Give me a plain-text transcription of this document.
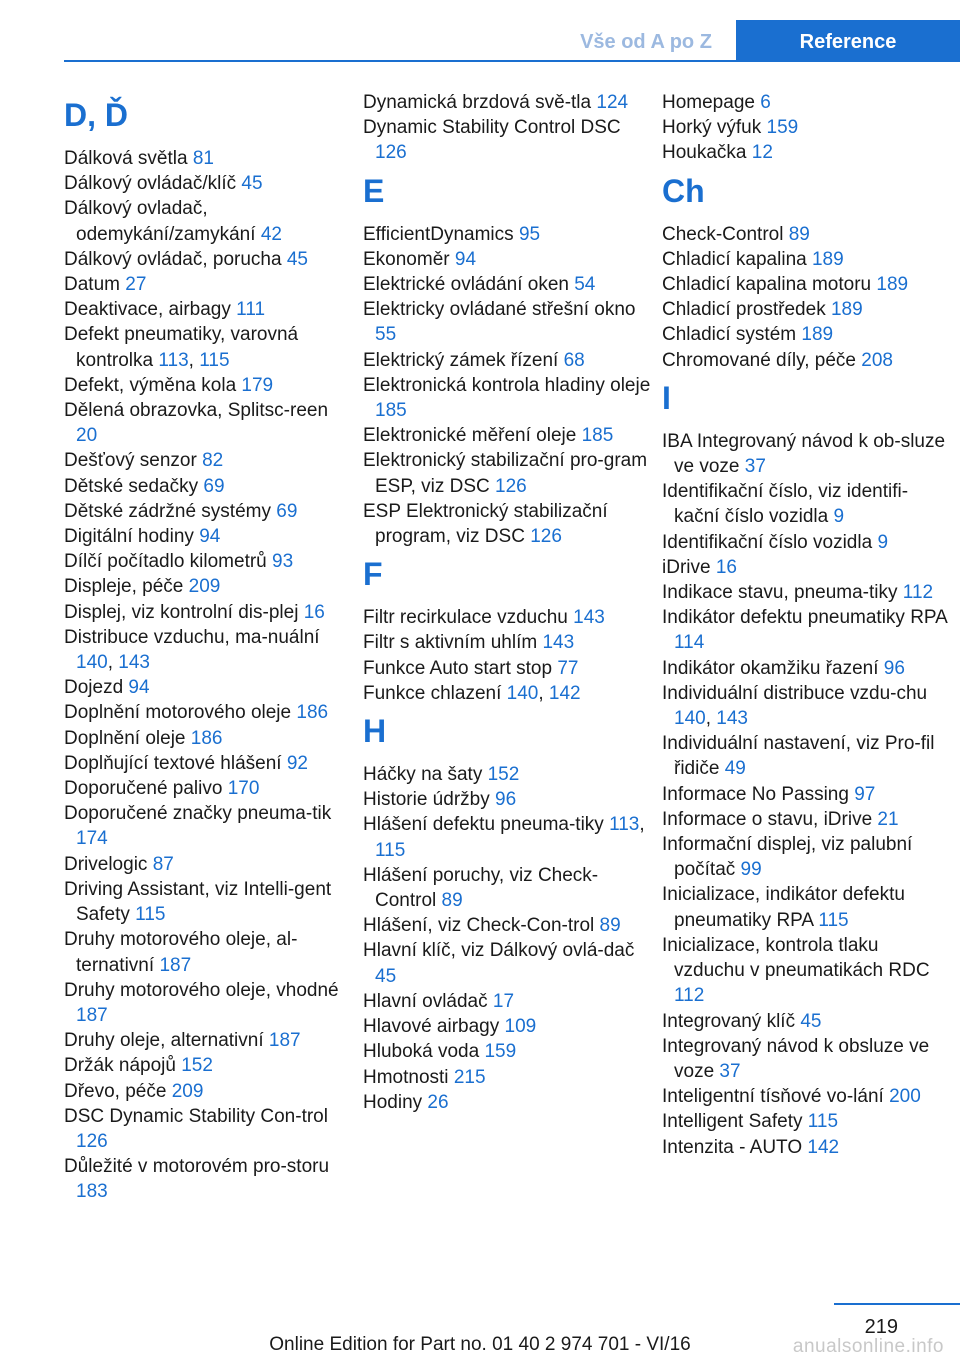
Vše od A po Z	Reference
D, Ď
Dálková světla 81
Dálkový ovládač/klíč 45
Dálkový ovladač, odemykání/zamykání 42
Dálkový ovládač, porucha 45
Datum 27
Deaktivace, airbagy 111
Defekt pneumatiky, varovná kontrolka 113, 115
Defekt, výměna kola 179
Dělená obrazovka, Splitsc‐reen 20
Dešťový senzor 82
Dětské sedačky 69
Dětské zádržné systémy 69
Digitální hodiny 94
Dílčí počítadlo kilometrů 93
Displeje, péče 209
Displej, viz kontrolní dis‐plej 16
Distribuce vzduchu, ma‐nuální 140, 143
Dojezd 94
Doplnění motorového oleje 186
Doplnění oleje 186
Doplňující textové hlášení 92
Doporučené palivo 170
Doporučené značky pneuma‐tik 174
Drivelogic 87
Driving Assistant, viz Intelli‐gent Safety 115
Druhy motorového oleje, al‐ternativní 187
Druhy motorového oleje, vhodné 187
Druhy oleje, alternativní 187
Držák nápojů 152
Dřevo, péče 209
DSC Dynamic Stability Con‐trol 126
Důležité v motorovém pro‐storu 183
Dynamická brzdová svě‐tla 124
Dynamic Stability Control DSC 126
E
EfficientDynamics 95
Ekonoměr 94
Elektrické ovládání oken 54
Elektricky ovládané střešní okno 55
Elektrický zámek řízení 68
Elektronická kontrola hladiny oleje 185
Elektronické měření oleje 185
Elektronický stabilizační pro‐gram ESP, viz DSC 126
ESP Elektronický stabilizační program, viz DSC 126
F
Filtr recirkulace vzduchu 143
Filtr s aktivním uhlím 143
Funkce Auto start stop 77
Funkce chlazení 140, 142
H
Háčky na šaty 152
Historie údržby 96
Hlášení defektu pneuma‐tiky 113, 115
Hlášení poruchy, viz Check-Control 89
Hlášení, viz Check-Con‐trol 89
Hlavní klíč, viz Dálkový ovlá‐dač 45
Hlavní ovládač 17
Hlavové airbagy 109
Hluboká voda 159
Hmotnosti 215
Hodiny 26
Homepage 6
Horký výfuk 159
Houkačka 12
Ch
Check-Control 89
Chladicí kapalina 189
Chladicí kapalina motoru 189
Chladicí prostředek 189
Chladicí systém 189
Chromované díly, péče 208
I
IBA Integrovaný návod k ob‐sluze ve voze 37
Identifikační číslo, viz identifi‐kační číslo vozidla 9
Identifikační číslo vozidla 9
iDrive 16
Indikace stavu, pneuma‐tiky 112
Indikátor defektu pneumatiky RPA 114
Indikátor okamžiku řazení 96
Individuální distribuce vzdu‐chu 140, 143
Individuální nastavení, viz Pro‐fil řidiče 49
Informace No Passing 97
Informace o stavu, iDrive 21
Informační displej, viz palubní počítač 99
Inicializace, indikátor defektu pneumatiky RPA 115
Inicializace, kontrola tlaku vzduchu v pneumatikách RDC 112
Integrovaný klíč 45
Integrovaný návod k obsluze ve voze 37
Inteligentní tísňové vo‐lání 200
Intelligent Safety 115
Intenzita - AUTO 142
219
Online Edition for Part no. 01 40 2 974 701 - VI/16	anualsonline.info
